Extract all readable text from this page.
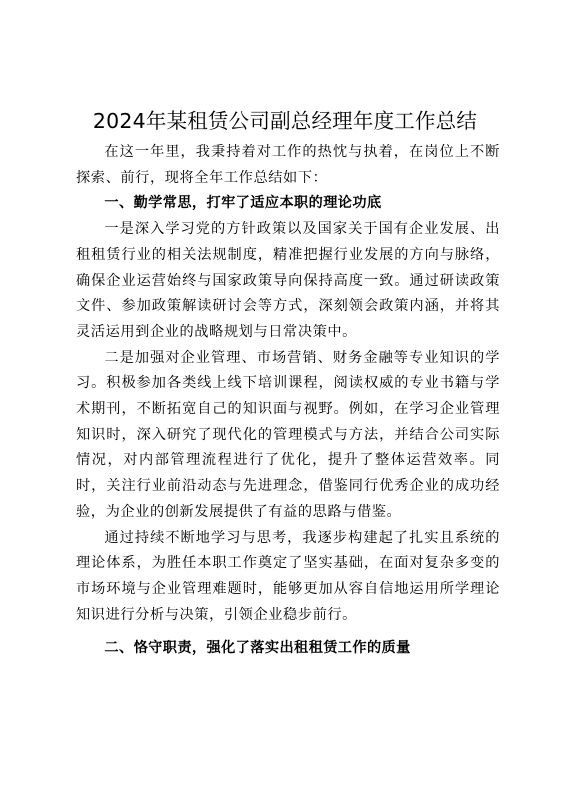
2024年某租赁公司副总经理年度工作总结

在这一年里，我秉持着对工作的热忱与执着，在岗位上不断探索、前行，现将全年工作总结如下：

一、勤学常思，打牢了适应本职的理论功底

一是深入学习党的方针政策以及国家关于国有企业发展、出租租赁行业的相关法规制度，精准把握行业发展的方向与脉络，确保企业运营始终与国家政策导向保持高度一致。通过研读政策文件、参加政策解读研讨会等方式，深刻领会政策内涵，并将其灵活运用到企业的战略规划与日常决策中。

二是加强对企业管理、市场营销、财务金融等专业知识的学习。积极参加各类线上线下培训课程，阅读权威的专业书籍与学术期刊，不断拓宽自己的知识面与视野。例如，在学习企业管理知识时，深入研究了现代化的管理模式与方法，并结合公司实际情况，对内部管理流程进行了优化，提升了整体运营效率。同时，关注行业前沿动态与先进理念，借鉴同行优秀企业的成功经验，为企业的创新发展提供了有益的思路与借鉴。

通过持续不断地学习与思考，我逐步构建起了扎实且系统的理论体系，为胜任本职工作奠定了坚实基础，在面对复杂多变的市场环境与企业管理难题时，能够更加从容自信地运用所学理论知识进行分析与决策，引领企业稳步前行。

二、恪守职责，强化了落实出租租赁工作的质量
